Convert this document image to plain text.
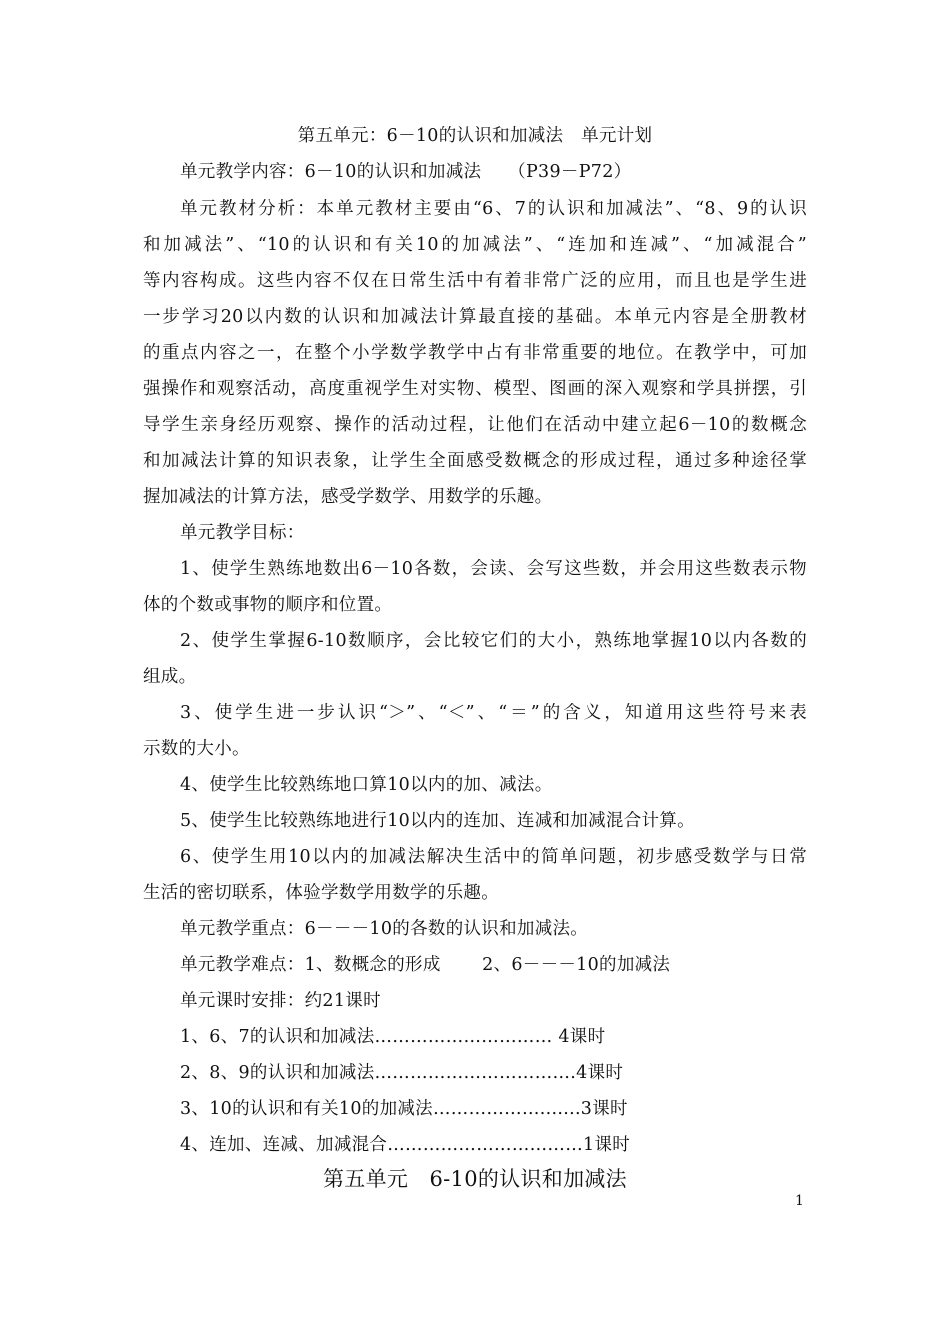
第五单元：6－10的认识和加减法　单元计划
单元教学内容：6－10的认识和加减法　　（P39－P72）
单元教材分析：本单元教材主要由“6、7的认识和加减法”、“8、9的认识
和加减法”、“10的认识和有关10的加减法”、“连加和连减”、“加减混合”
等内容构成。这些内容不仅在日常生活中有着非常广泛的应用，而且也是学生进
一步学习20以内数的认识和加减法计算最直接的基础。本单元内容是全册教材
的重点内容之一，在整个小学数学教学中占有非常重要的地位。在教学中，可加
强操作和观察活动，高度重视学生对实物、模型、图画的深入观察和学具拼摆，引
导学生亲身经历观察、操作的活动过程，让他们在活动中建立起6－10的数概念
和加减法计算的知识表象，让学生全面感受数概念的形成过程，通过多种途径掌
握加减法的计算方法，感受学数学、用数学的乐趣。
单元教学目标：
1、使学生熟练地数出6－10各数，会读、会写这些数，并会用这些数表示物
体的个数或事物的顺序和位置。
2、使学生掌握6-10数顺序，会比较它们的大小，熟练地掌握10以内各数的
组成。
3、使学生进一步认识“＞”、“＜”、“＝”的含义，知道用这些符号来表
示数的大小。
4、使学生比较熟练地口算10以内的加、减法。
5、使学生比较熟练地进行10以内的连加、连减和加减混合计算。
6、使学生用10以内的加减法解决生活中的简单问题，初步感受数学与日常
生活的密切联系，体验学数学用数学的乐趣。
单元教学重点：6－－－10的各数的认识和加减法。
单元教学难点：1、数概念的形成　　 2、6－－－10的加减法
单元课时安排：约21课时
1、6、7的认识和加减法………………………… 4课时
2、8、9的认识和加减法…………………………….4课时
3、10的认识和有关10的加减法……………….......3课时
4、连加、连减、加减混合……………………………1课时
第五单元　6-10的认识和加减法
1
